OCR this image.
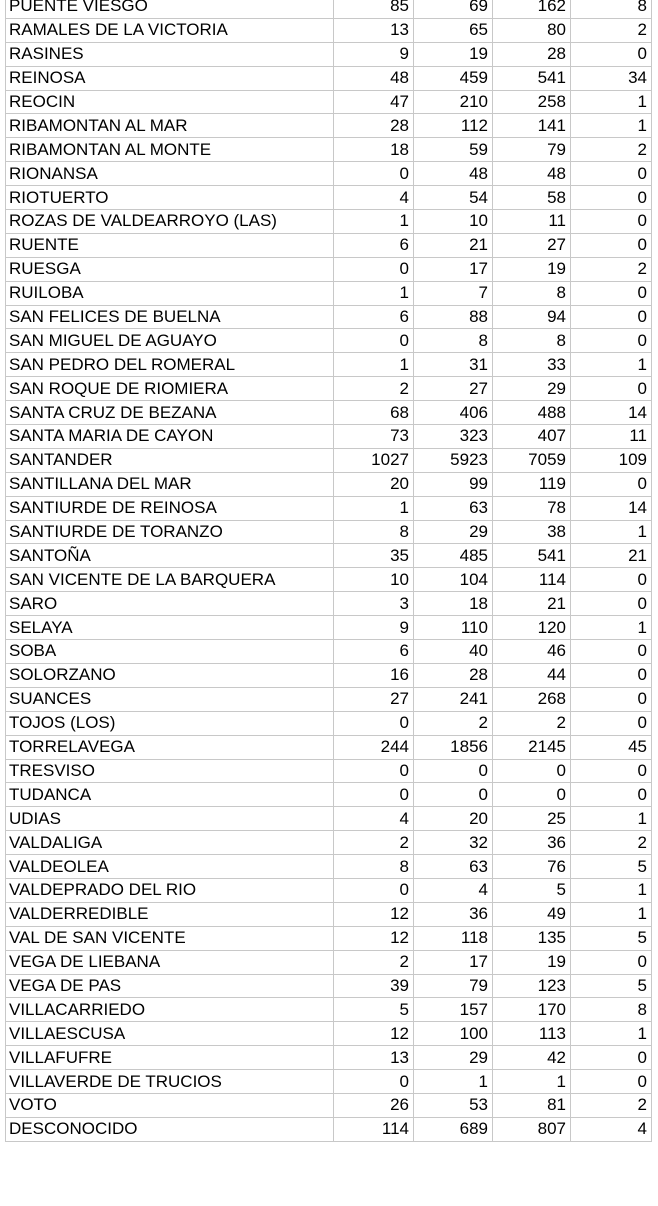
PUENTE VIESGO	85	69	162	8
RAMALES DE LA VICTORIA	13	65	80	2
RASINES	9	19	28	0
REINOSA	48	459	541	34
REOCIN	47	210	258	1
RIBAMONTAN AL MAR	28	112	141	1
RIBAMONTAN AL MONTE	18	59	79	2
RIONANSA	0	48	48	0
RIOTUERTO	4	54	58	0
ROZAS DE VALDEARROYO (LAS)	1	10	11	0
RUENTE	6	21	27	0
RUESGA	0	17	19	2
RUILOBA	1	7	8	0
SAN FELICES DE BUELNA	6	88	94	0
SAN MIGUEL DE AGUAYO	0	8	8	0
SAN PEDRO DEL ROMERAL	1	31	33	1
SAN ROQUE DE RIOMIERA	2	27	29	0
SANTA CRUZ DE BEZANA	68	406	488	14
SANTA MARIA DE CAYON	73	323	407	11
SANTANDER	1027	5923	7059	109
SANTILLANA DEL MAR	20	99	119	0
SANTIURDE DE REINOSA	1	63	78	14
SANTIURDE DE TORANZO	8	29	38	1
SANTOÑA	35	485	541	21
SAN VICENTE DE LA BARQUERA	10	104	114	0
SARO	3	18	21	0
SELAYA	9	110	120	1
SOBA	6	40	46	0
SOLORZANO	16	28	44	0
SUANCES	27	241	268	0
TOJOS (LOS)	0	2	2	0
TORRELAVEGA	244	1856	2145	45
TRESVISO	0	0	0	0
TUDANCA	0	0	0	0
UDIAS	4	20	25	1
VALDALIGA	2	32	36	2
VALDEOLEA	8	63	76	5
VALDEPRADO DEL RIO	0	4	5	1
VALDERREDIBLE	12	36	49	1
VAL DE SAN VICENTE	12	118	135	5
VEGA DE LIEBANA	2	17	19	0
VEGA DE PAS	39	79	123	5
VILLACARRIEDO	5	157	170	8
VILLAESCUSA	12	100	113	1
VILLAFUFRE	13	29	42	0
VILLAVERDE DE TRUCIOS	0	1	1	0
VOTO	26	53	81	2
DESCONOCIDO	114	689	807	4
